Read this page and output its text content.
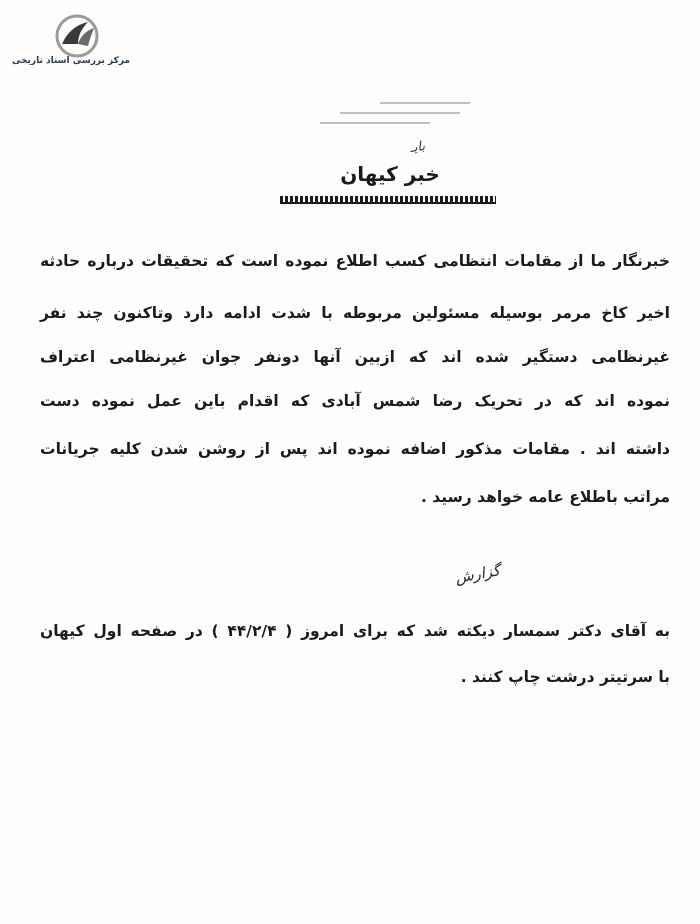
مرکز بررسی اسناد تاریخی
بایـ
خبر کیهان
خبرنگار ما از مقامات انتظامی کسب اطلاع نموده است که تحقیقات درباره حادثه
اخیر کاخ مرمر بوسیله مسئولین مربوطه با شدت ادامه دارد وتاکنون چند نفر
غیرنظامی دستگیر شده اند که ازبین آنها دونفر جوان غیرنظامی اعتراف
نموده اند که در تحریک رضا شمس آبادی که اقدام باین عمل نموده دست
داشته اند . مقامات مذکور اضافه نموده اند پس از روشن شدن کلیه جریانات
مراتب باطلاع عامه خواهد رسید .
گزارش
به آقای دکتر سمسار دیکته شد که برای امروز ( ۴۴/۲/۴ ) در صفحه اول کیهان
با سرتیتر درشت چاپ کنند .
